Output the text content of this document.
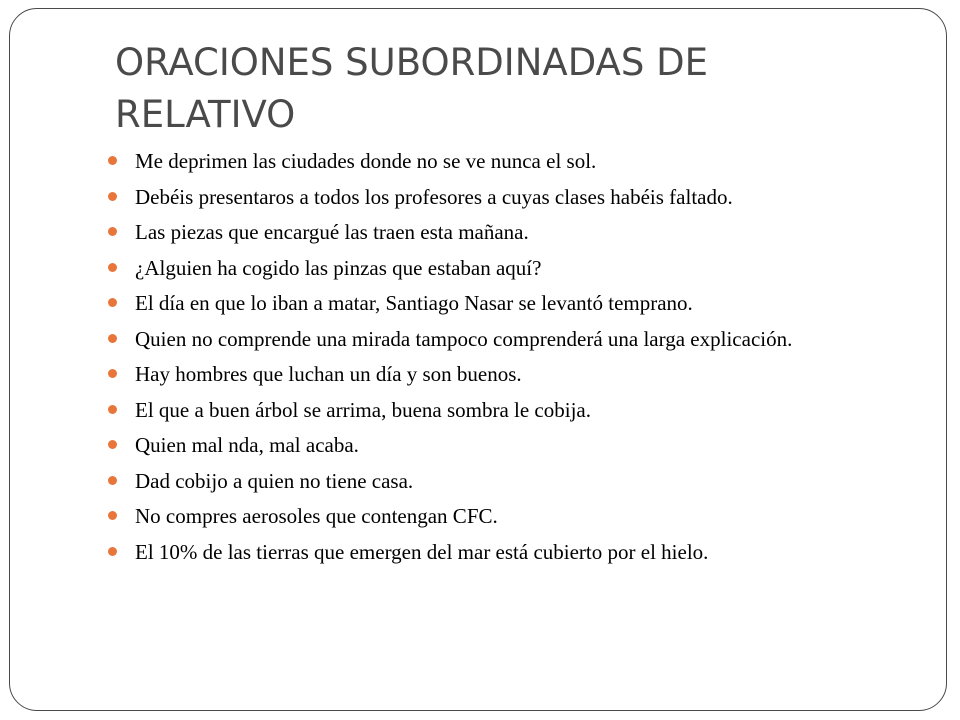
ORACIONES SUBORDINADAS DE
RELATIVO
Me deprimen las ciudades donde no se ve nunca el sol.
Debéis presentaros a todos los profesores a cuyas clases habéis faltado.
Las piezas que encargué las traen esta mañana.
¿Alguien ha cogido las pinzas que estaban aquí?
El día en que lo iban a matar, Santiago Nasar se levantó temprano.
Quien no comprende una mirada tampoco comprenderá una larga explicación.
Hay hombres que luchan un día y son buenos.
El que a buen árbol se arrima, buena sombra le cobija.
Quien mal nda, mal acaba.
Dad cobijo a quien no tiene casa.
No compres aerosoles que contengan CFC.
El 10% de las tierras que emergen del mar está cubierto por el hielo.
